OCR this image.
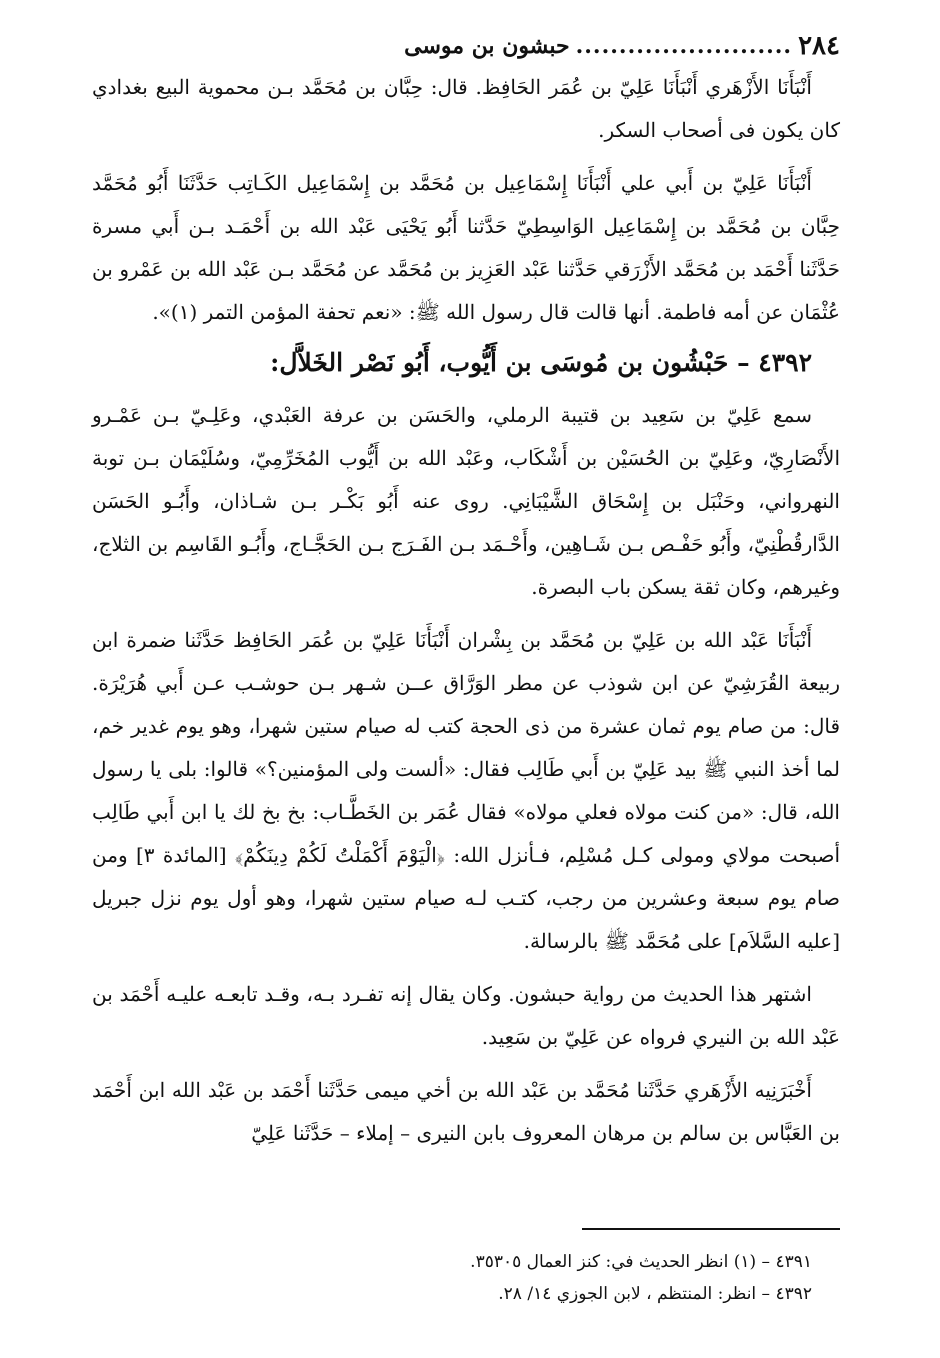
٢٨٤
.........................
حبشون بن موسى

أَنْبَأَنَا الأَزْهَري أَنْبَأَنَا عَلِيّ بن عُمَر الحَافِظ. قال: حِبَّان بن مُحَمَّد بـن محموية البيع بغدادي كان يكون فى أصحاب السكر.

أَنْبَأَنَا عَلِيّ بن أَبي علي أَنْبَأَنَا إِسْمَاعِيل بن مُحَمَّد بن إِسْمَاعِيل الكَـاتِب حَدَّثَنَا أَبُو مُحَمَّد حِبَّان بن مُحَمَّد بن إِسْمَاعِيل الوَاسِطِيّ حَدَّثنا أَبُو يَحْيَى عَبْد الله بن أَحْمَـد بـن أَبي مسرة حَدَّثَنا أَحْمَد بن مُحَمَّد الأَزْرَقي حَدَّثنا عَبْد العَزِيز بن مُحَمَّد عن مُحَمَّد بـن عَبْد الله بن عَمْرو بن عُثْمَان عن أمه فاطمة. أنها قالت قال رسول الله ﷺ: «نعم تحفة المؤمن التمر (١)».

٤٣٩٢ – حَبْشُون بن مُوسَى بن أَيُّوب، أَبُو نَصْر الخَلاَّل:

سمع عَلِيّ بن سَعِيد بن قتيبة الرملي، والحَسَن بن عرفة العَبْدي، وعَلِـيّ بـن عَمْـرو الأَنْصَارِيّ، وعَلِيّ بن الحُسَيْن بن أَشْكَاب، وعَبْد الله بن أَيُّوب المُخَرِّمِيّ، وسُلَيْمَان بـن توبة النهرواني، وحَنْبَل بن إِسْحَاق الشَّيْبَانِي. روى عنه أَبُو بَكْـر بـن شـاذان، وأَبُـو الحَسَن الدَّارقُطْنِيّ، وأَبُو حَفْـص بـن شَـاهِين، وأَحْـمَد بـن الفَـرَج بـن الحَجَّـاج، وأَبُـو القَاسِم بن الثلاج، وغيرهم، وكان ثقة يسكن باب البصرة.

أَنْبَأَنَا عَبْد الله بن عَلِيّ بن مُحَمَّد بن بِشْران أَنْبَأَنَا عَلِيّ بن عُمَر الحَافِظ حَدَّثَنا ضمرة ابن ربيعة القُرَشِيّ عن ابن شوذب عن مطر الوَرَّاق عــن شـهر بـن حوشـب عـن أَبي هُرَيْرَة. قال: من صام يوم ثمان عشرة من ذى الحجة كتب له صيام ستين شهرا، وهو يوم غدير خم، لما أخذ النبي ﷺ بيد عَلِيّ بن أَبي طَالِب فقال: «ألست ولى المؤمنين؟» قالوا: بلى يا رسول الله، قال: «من كنت مولاه فعلي مولاه» فقال عُمَر بن الخَطَّـاب: بخ بخ لك يا ابن أَبي طَالِب أصبحت مولاي ومولى كـل مُسْلِم، فـأنزل الله: ﴿الْيَوْمَ أَكْمَلْتُ لَكُمْ دِينَكُمْ﴾ [المائدة ٣] ومن صام يوم سبعة وعشرين من رجب، كتـب لـه صيام ستين شهرا، وهو أول يوم نزل جبريل [عليه السَّلاَم] على مُحَمَّد ﷺ بالرسالة.

اشتهر هذا الحديث من رواية حبشون. وكان يقال إنه تفـرد بـه، وقـد تابعـه عليـه أَحْمَد بن عَبْد الله بن النيري فرواه عن عَلِيّ بن سَعِيد.

أَخْبَرَنِيه الأَزْهَري حَدَّثَنا مُحَمَّد بن عَبْد الله بن أخي ميمى حَدَّثَنا أَحْمَد بن عَبْد الله ابن أَحْمَد بن العَبَّاس بن سالم بن مرهان المعروف بابن النيرى – إملاء – حَدَّثَنا عَلِيّ

٤٣٩١ – (١) انظر الحديث في: كنز العمال ٣٥٣٠٥.
٤٣٩٢ – انظر: المنتظم ، لابن الجوزي ١٤/ ٢٨.
